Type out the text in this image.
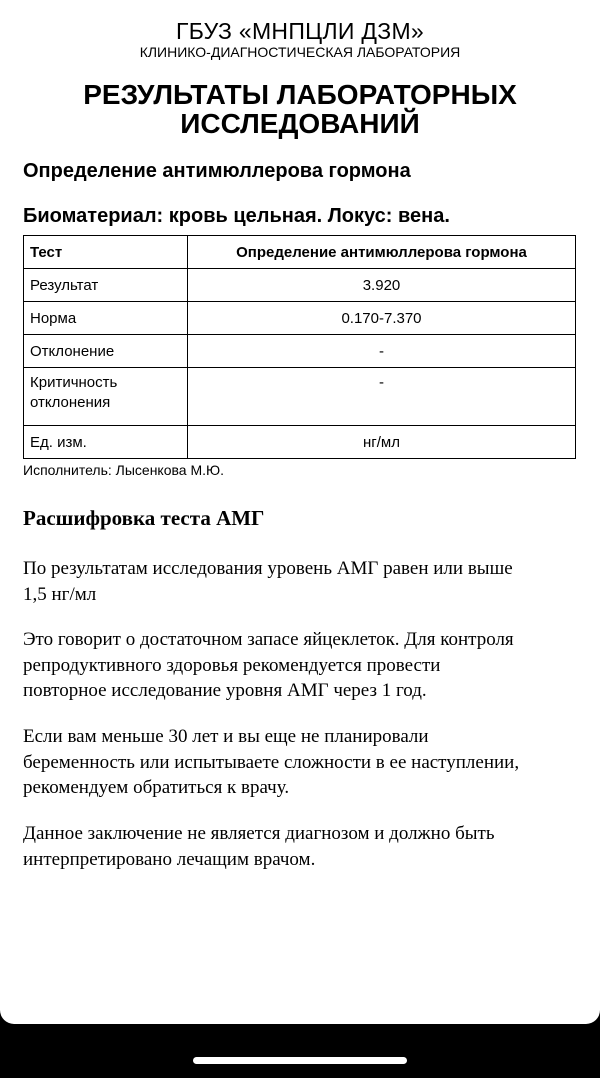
ГБУЗ «МНПЦЛИ ДЗМ»
КЛИНИКО-ДИАГНОСТИЧЕСКАЯ ЛАБОРАТОРИЯ
РЕЗУЛЬТАТЫ ЛАБОРАТОРНЫХ
ИССЛЕДОВАНИЙ
Определение антимюллерова гормона
Биоматериал: кровь цельная. Локус: вена.
Тест	Определение антимюллерова гормона
Результат	3.920
Норма	0.170-7.370
Отклонение	-

Критичность
отклонения	-
Ед. изм.	нг/мл
Исполнитель: Лысенкова М.Ю.
Расшифровка теста АМГ
По результатам исследования уровень АМГ равен или выше
1,5 нг/мл
Это говорит о достаточном запасе яйцеклеток. Для контроля
репродуктивного здоровья рекомендуется провести
повторное исследование уровня АМГ через 1 год.
Если вам меньше 30 лет и вы еще не планировали
беременность или испытываете сложности в ее наступлении,
рекомендуем обратиться к врачу.
Данное заключение не является диагнозом и должно быть
интерпретировано лечащим врачом.
